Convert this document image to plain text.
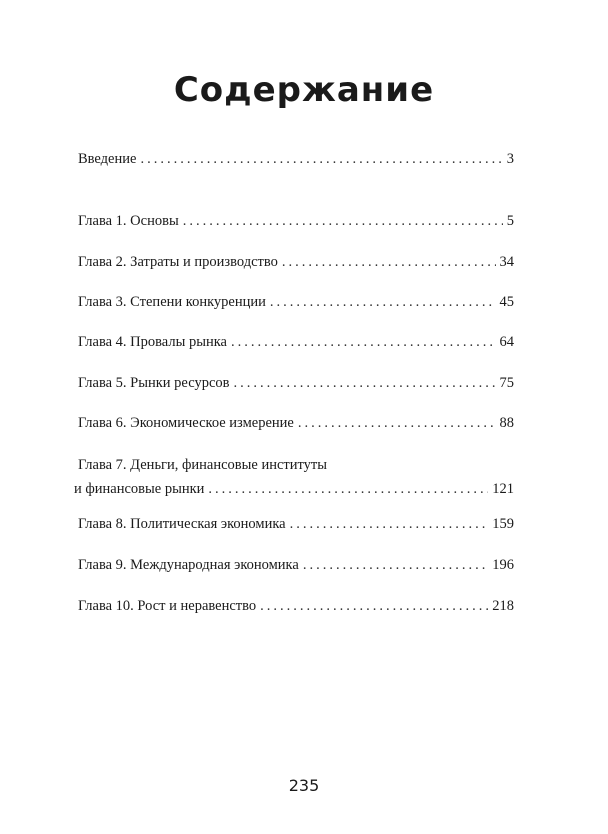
Содержание
Введение .....	3
Глава 1. Основы .....	5
Глава 2. Затраты и производство .....	34
Глава 3. Степени конкуренции .....	45
Глава 4. Провалы рынка .....	64
Глава 5. Рынки ресурсов .....	75
Глава 6. Экономическое измерение .....	88
Глава 7. Деньги, финансовые институты
и финансовые рынки .....	121
Глава 8. Политическая экономика .....	159
Глава 9. Международная экономика .....	196
Глава 10. Рост и неравенство .....	218
235
